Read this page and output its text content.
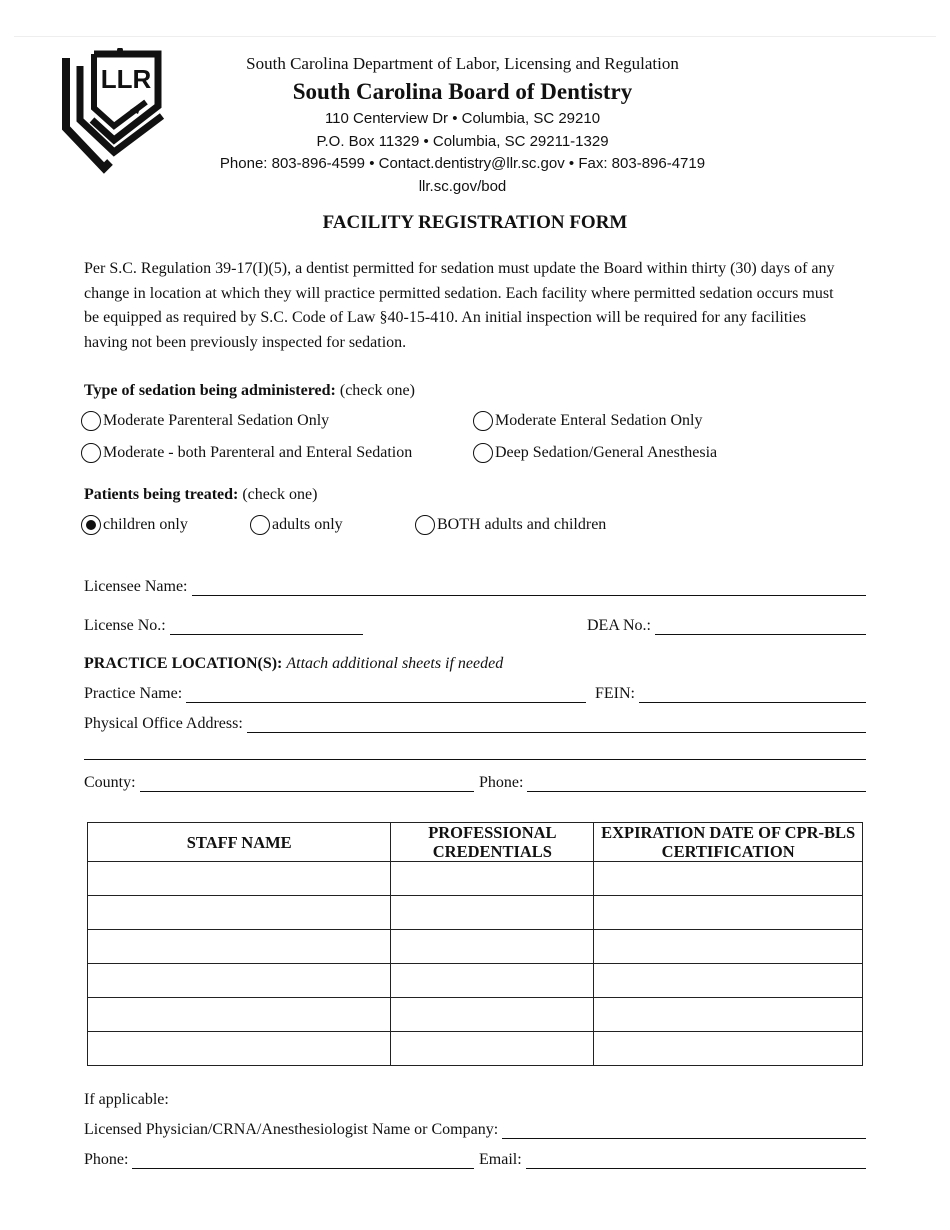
LLR
South Carolina Department of Labor, Licensing and Regulation
South Carolina Board of Dentistry
110 Centerview Dr • Columbia, SC 29210
P.O. Box 11329 • Columbia, SC 29211-1329
Phone: 803-896-4599 • Contact.dentistry@llr.sc.gov • Fax: 803-896-4719
llr.sc.gov/bod
FACILITY REGISTRATION FORM
Per S.C. Regulation 39-17(I)(5), a dentist permitted for sedation must update the Board within thirty (30) days of any change in location at which they will practice permitted sedation. Each facility where permitted sedation occurs must be equipped as required by S.C. Code of Law §40-15-410. An initial inspection will be required for any facilities having not been previously inspected for sedation.
Type of sedation being administered: (check one)
Moderate Parenteral Sedation Only	Moderate Enteral Sedation Only
Moderate - both Parenteral and Enteral Sedation	Deep Sedation/General Anesthesia
Patients being treated: (check one)
children only	adults only	BOTH adults and children
Licensee Name:
License No.:	DEA No.:
PRACTICE LOCATION(S): Attach additional sheets if needed
Practice Name:	FEIN:
Physical Office Address:
County:	Phone:
STAFF NAME	PROFESSIONAL CREDENTIALS	EXPIRATION DATE OF CPR-BLS CERTIFICATION

If applicable:
Licensed Physician/CRNA/Anesthesiologist Name or Company:
Phone:	Email:
